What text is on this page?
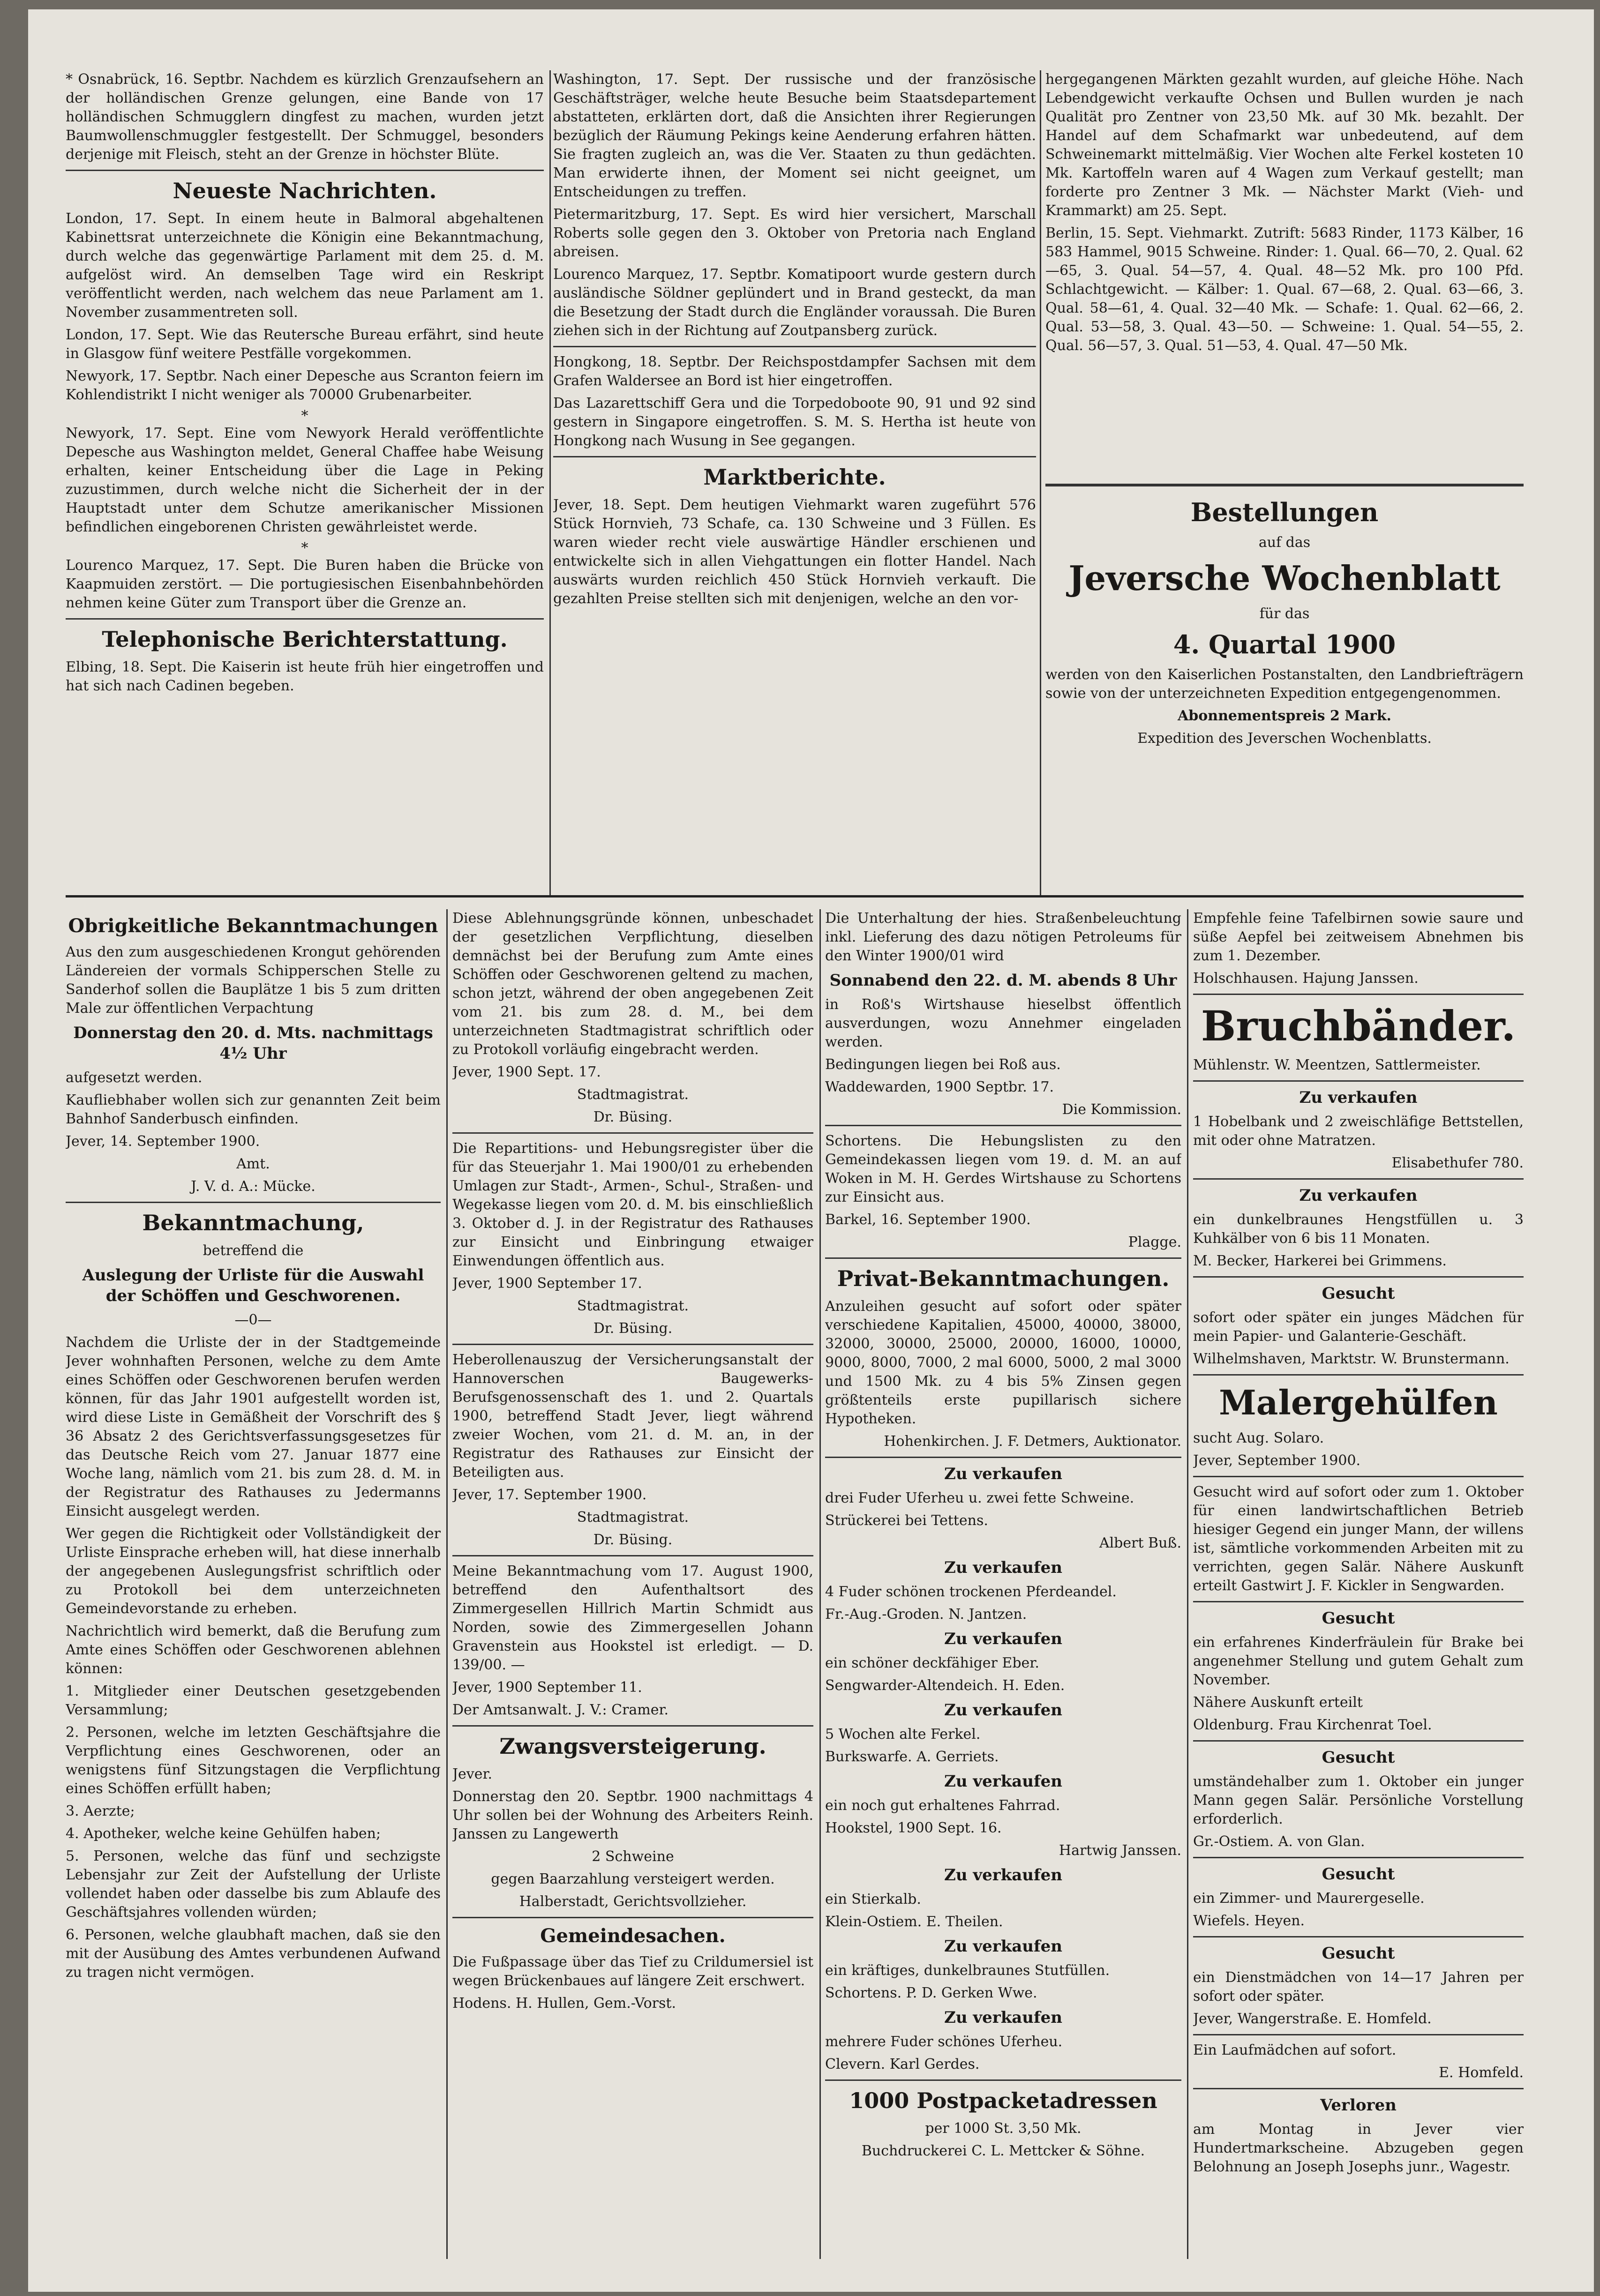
* Osnabrück, 16. Septbr. Nachdem es kürzlich Grenzaufsehern an der holländischen Grenze gelungen, eine Bande von 17 holländischen Schmugglern dingfest zu machen, wurden jetzt Baumwollenschmuggler festgestellt. Der Schmuggel, besonders derjenige mit Fleisch, steht an der Grenze in höchster Blüte.

Neueste Nachrichten.

London, 17. Sept. In einem heute in Balmoral abgehaltenen Kabinettsrat unterzeichnete die Königin eine Bekanntmachung, durch welche das gegenwärtige Parlament mit dem 25. d. M. aufgelöst wird. An demselben Tage wird ein Reskript veröffentlicht werden, nach welchem das neue Parlament am 1. November zusammentreten soll.

London, 17. Sept. Wie das Reutersche Bureau erfährt, sind heute in Glasgow fünf weitere Pestfälle vorgekommen.

Newyork, 17. Septbr. Nach einer Depesche aus Scranton feiern im Kohlendistrikt I nicht weniger als 70000 Grubenarbeiter.

*

Newyork, 17. Sept. Eine vom Newyork Herald veröffentlichte Depesche aus Washington meldet, General Chaffee habe Weisung erhalten, keiner Entscheidung über die Lage in Peking zuzustimmen, durch welche nicht die Sicherheit der in der Hauptstadt unter dem Schutze amerikanischer Missionen befindlichen eingeborenen Christen gewährleistet werde.

*

Lourenco Marquez, 17. Sept. Die Buren haben die Brücke von Kaapmuiden zerstört. — Die portugiesischen Eisenbahnbehörden nehmen keine Güter zum Transport über die Grenze an.

Telephonische Berichterstattung.

Elbing, 18. Sept. Die Kaiserin ist heute früh hier eingetroffen und hat sich nach Cadinen begeben.

Washington, 17. Sept. Der russische und der französische Geschäftsträger, welche heute Besuche beim Staatsdepartement abstatteten, erklärten dort, daß die Ansichten ihrer Regierungen bezüglich der Räumung Pekings keine Aenderung erfahren hätten. Sie fragten zugleich an, was die Ver. Staaten zu thun gedächten. Man erwiderte ihnen, der Moment sei nicht geeignet, um Entscheidungen zu treffen.

Pietermaritzburg, 17. Sept. Es wird hier versichert, Marschall Roberts solle gegen den 3. Oktober von Pretoria nach England abreisen.

Lourenco Marquez, 17. Septbr. Komatipoort wurde gestern durch ausländische Söldner geplündert und in Brand gesteckt, da man die Besetzung der Stadt durch die Engländer voraussah. Die Buren ziehen sich in der Richtung auf Zoutpansberg zurück.

Hongkong, 18. Septbr. Der Reichspostdampfer Sachsen mit dem Grafen Waldersee an Bord ist hier eingetroffen.

Das Lazarettschiff Gera und die Torpedoboote 90, 91 und 92 sind gestern in Singapore eingetroffen. S. M. S. Hertha ist heute von Hongkong nach Wusung in See gegangen.

Marktberichte.

Jever, 18. Sept. Dem heutigen Viehmarkt waren zugeführt 576 Stück Hornvieh, 73 Schafe, ca. 130 Schweine und 3 Füllen. Es waren wieder recht viele auswärtige Händler erschienen und entwickelte sich in allen Viehgattungen ein flotter Handel. Nach auswärts wurden reichlich 450 Stück Hornvieh verkauft. Die gezahlten Preise stellten sich mit denjenigen, welche an den vor-

hergegangenen Märkten gezahlt wurden, auf gleiche Höhe. Nach Lebendgewicht verkaufte Ochsen und Bullen wurden je nach Qualität pro Zentner von 23,50 Mk. auf 30 Mk. bezahlt. Der Handel auf dem Schafmarkt war unbedeutend, auf dem Schweinemarkt mittelmäßig. Vier Wochen alte Ferkel kosteten 10 Mk. Kartoffeln waren auf 4 Wagen zum Verkauf gestellt; man forderte pro Zentner 3 Mk. — Nächster Markt (Vieh- und Krammarkt) am 25. Sept.

Berlin, 15. Sept. Viehmarkt. Zutrift: 5683 Rinder, 1173 Kälber, 16 583 Hammel, 9015 Schweine. Rinder: 1. Qual. 66—70, 2. Qual. 62—65, 3. Qual. 54—57, 4. Qual. 48—52 Mk. pro 100 Pfd. Schlachtgewicht. — Kälber: 1. Qual. 67—68, 2. Qual. 63—66, 3. Qual. 58—61, 4. Qual. 32—40 Mk. — Schafe: 1. Qual. 62—66, 2. Qual. 53—58, 3. Qual. 43—50. — Schweine: 1. Qual. 54—55, 2. Qual. 56—57, 3. Qual. 51—53, 4. Qual. 47—50 Mk.

Bestellungen

auf das

Jeversche Wochenblatt

für das

4. Quartal 1900

werden von den Kaiserlichen Postanstalten, den Landbriefträgern sowie von der unterzeichneten Expedition entgegengenommen.

Abonnementspreis 2 Mark.

Expedition des Jeverschen Wochenblatts.

Obrigkeitliche Bekanntmachungen

Aus den zum ausgeschiedenen Krongut gehörenden Ländereien der vormals Schipperschen Stelle zu Sanderhof sollen die Bauplätze 1 bis 5 zum dritten Male zur öffentlichen Verpachtung

Donnerstag den 20. d. Mts. nachmittags 4½ Uhr

aufgesetzt werden.

Kaufliebhaber wollen sich zur genannten Zeit beim Bahnhof Sanderbusch einfinden.

Jever, 14. September 1900.

Amt.

J. V. d. A.: Mücke.

Bekanntmachung,

betreffend die

Auslegung der Urliste für die Auswahl der Schöffen und Geschworenen.

—0—

Nachdem die Urliste der in der Stadtgemeinde Jever wohnhaften Personen, welche zu dem Amte eines Schöffen oder Geschworenen berufen werden können, für das Jahr 1901 aufgestellt worden ist, wird diese Liste in Gemäßheit der Vorschrift des § 36 Absatz 2 des Gerichtsverfassungsgesetzes für das Deutsche Reich vom 27. Januar 1877 eine Woche lang, nämlich vom 21. bis zum 28. d. M. in der Registratur des Rathauses zu Jedermanns Einsicht ausgelegt werden.

Wer gegen die Richtigkeit oder Vollständigkeit der Urliste Einsprache erheben will, hat diese innerhalb der angegebenen Auslegungsfrist schriftlich oder zu Protokoll bei dem unterzeichneten Gemeindevorstande zu erheben.

Nachrichtlich wird bemerkt, daß die Berufung zum Amte eines Schöffen oder Geschworenen ablehnen können:

1. Mitglieder einer Deutschen gesetzgebenden Versammlung;

2. Personen, welche im letzten Geschäftsjahre die Verpflichtung eines Geschworenen, oder an wenigstens fünf Sitzungstagen die Verpflichtung eines Schöffen erfüllt haben;

3. Aerzte;

4. Apotheker, welche keine Gehülfen haben;

5. Personen, welche das fünf und sechzigste Lebensjahr zur Zeit der Aufstellung der Urliste vollendet haben oder dasselbe bis zum Ablaufe des Geschäftsjahres vollenden würden;

6. Personen, welche glaubhaft machen, daß sie den mit der Ausübung des Amtes verbundenen Aufwand zu tragen nicht vermögen.

Diese Ablehnungsgründe können, unbeschadet der gesetzlichen Verpflichtung, dieselben demnächst bei der Berufung zum Amte eines Schöffen oder Geschworenen geltend zu machen, schon jetzt, während der oben angegebenen Zeit vom 21. bis zum 28. d. M., bei dem unterzeichneten Stadtmagistrat schriftlich oder zu Protokoll vorläufig eingebracht werden.

Jever, 1900 Sept. 17.

Stadtmagistrat.

Dr. Büsing.

Die Repartitions- und Hebungsregister über die für das Steuerjahr 1. Mai 1900/01 zu erhebenden Umlagen zur Stadt-, Armen-, Schul-, Straßen- und Wegekasse liegen vom 20. d. M. bis einschließlich 3. Oktober d. J. in der Registratur des Rathauses zur Einsicht und Einbringung etwaiger Einwendungen öffentlich aus.

Jever, 1900 September 17.

Stadtmagistrat.

Dr. Büsing.

Heberollenauszug der Versicherungsanstalt der Hannoverschen Baugewerks-Berufsgenossenschaft des 1. und 2. Quartals 1900, betreffend Stadt Jever, liegt während zweier Wochen, vom 21. d. M. an, in der Registratur des Rathauses zur Einsicht der Beteiligten aus.

Jever, 17. September 1900.

Stadtmagistrat.

Dr. Büsing.

Meine Bekanntmachung vom 17. August 1900, betreffend den Aufenthaltsort des Zimmergesellen Hillrich Martin Schmidt aus Norden, sowie des Zimmergesellen Johann Gravenstein aus Hookstel ist erledigt. — D. 139/00. —

Jever, 1900 September 11.

Der Amtsanwalt. J. V.: Cramer.

Zwangsversteigerung.

Jever.

Donnerstag den 20. Septbr. 1900 nachmittags 4 Uhr sollen bei der Wohnung des Arbeiters Reinh. Janssen zu Langewerth

2 Schweine

gegen Baarzahlung versteigert werden.

Halberstadt, Gerichtsvollzieher.

Gemeindesachen.

Die Fußpassage über das Tief zu Crildumersiel ist wegen Brückenbaues auf längere Zeit erschwert.

Hodens. H. Hullen, Gem.-Vorst.

Die Unterhaltung der hies. Straßenbeleuchtung inkl. Lieferung des dazu nötigen Petroleums für den Winter 1900/01 wird

Sonnabend den 22. d. M. abends 8 Uhr

in Roß's Wirtshause hieselbst öffentlich ausverdungen, wozu Annehmer eingeladen werden.

Bedingungen liegen bei Roß aus.

Waddewarden, 1900 Septbr. 17.

Die Kommission.

Schortens. Die Hebungslisten zu den Gemeindekassen liegen vom 19. d. M. an auf Woken in M. H. Gerdes Wirtshause zu Schortens zur Einsicht aus.

Barkel, 16. September 1900.

Plagge.

Privat-Bekanntmachungen.

Anzuleihen gesucht auf sofort oder später verschiedene Kapitalien, 45000, 40000, 38000, 32000, 30000, 25000, 20000, 16000, 10000, 9000, 8000, 7000, 2 mal 6000, 5000, 2 mal 3000 und 1500 Mk. zu 4 bis 5% Zinsen gegen größtenteils erste pupillarisch sichere Hypotheken.

Hohenkirchen. J. F. Detmers, Auktionator.

Zu verkaufen

drei Fuder Uferheu u. zwei fette Schweine.

Strückerei bei Tettens.

Albert Buß.

Zu verkaufen

4 Fuder schönen trockenen Pferdeandel.

Fr.-Aug.-Groden. N. Jantzen.

Zu verkaufen

ein schöner deckfähiger Eber.

Sengwarder-Altendeich. H. Eden.

Zu verkaufen

5 Wochen alte Ferkel.

Burkswarfe. A. Gerriets.

Zu verkaufen

ein noch gut erhaltenes Fahrrad.

Hookstel, 1900 Sept. 16.

Hartwig Janssen.

Zu verkaufen

ein Stierkalb.

Klein-Ostiem. E. Theilen.

Zu verkaufen

ein kräftiges, dunkelbraunes Stutfüllen.

Schortens. P. D. Gerken Wwe.

Zu verkaufen

mehrere Fuder schönes Uferheu.

Clevern. Karl Gerdes.

1000 Postpacketadressen

per 1000 St. 3,50 Mk.

Buchdruckerei C. L. Mettcker & Söhne.

Empfehle feine Tafelbirnen sowie saure und süße Aepfel bei zeitweisem Abnehmen bis zum 1. Dezember.

Holschhausen. Hajung Janssen.

Bruchbänder.

Mühlenstr. W. Meentzen, Sattlermeister.

Zu verkaufen

1 Hobelbank und 2 zweischläfige Bettstellen, mit oder ohne Matratzen.

Elisabethufer 780.

Zu verkaufen

ein dunkelbraunes Hengstfüllen u. 3 Kuhkälber von 6 bis 11 Monaten.

M. Becker, Harkerei bei Grimmens.

Gesucht

sofort oder später ein junges Mädchen für mein Papier- und Galanterie-Geschäft.

Wilhelmshaven, Marktstr. W. Brunstermann.

Malergehülfen

sucht Aug. Solaro.

Jever, September 1900.

Gesucht wird auf sofort oder zum 1. Oktober für einen landwirtschaftlichen Betrieb hiesiger Gegend ein junger Mann, der willens ist, sämtliche vorkommenden Arbeiten mit zu verrichten, gegen Salär. Nähere Auskunft erteilt Gastwirt J. F. Kickler in Sengwarden.

Gesucht

ein erfahrenes Kinderfräulein für Brake bei angenehmer Stellung und gutem Gehalt zum November.

Nähere Auskunft erteilt

Oldenburg. Frau Kirchenrat Toel.

Gesucht

umständehalber zum 1. Oktober ein junger Mann gegen Salär. Persönliche Vorstellung erforderlich.

Gr.-Ostiem. A. von Glan.

Gesucht

ein Zimmer- und Maurergeselle.

Wiefels. Heyen.

Gesucht

ein Dienstmädchen von 14—17 Jahren per sofort oder später.

Jever, Wangerstraße. E. Homfeld.

Ein Laufmädchen auf sofort.

E. Homfeld.

Verloren

am Montag in Jever vier Hundertmarkscheine. Abzugeben gegen Belohnung an Joseph Josephs junr., Wagestr.
